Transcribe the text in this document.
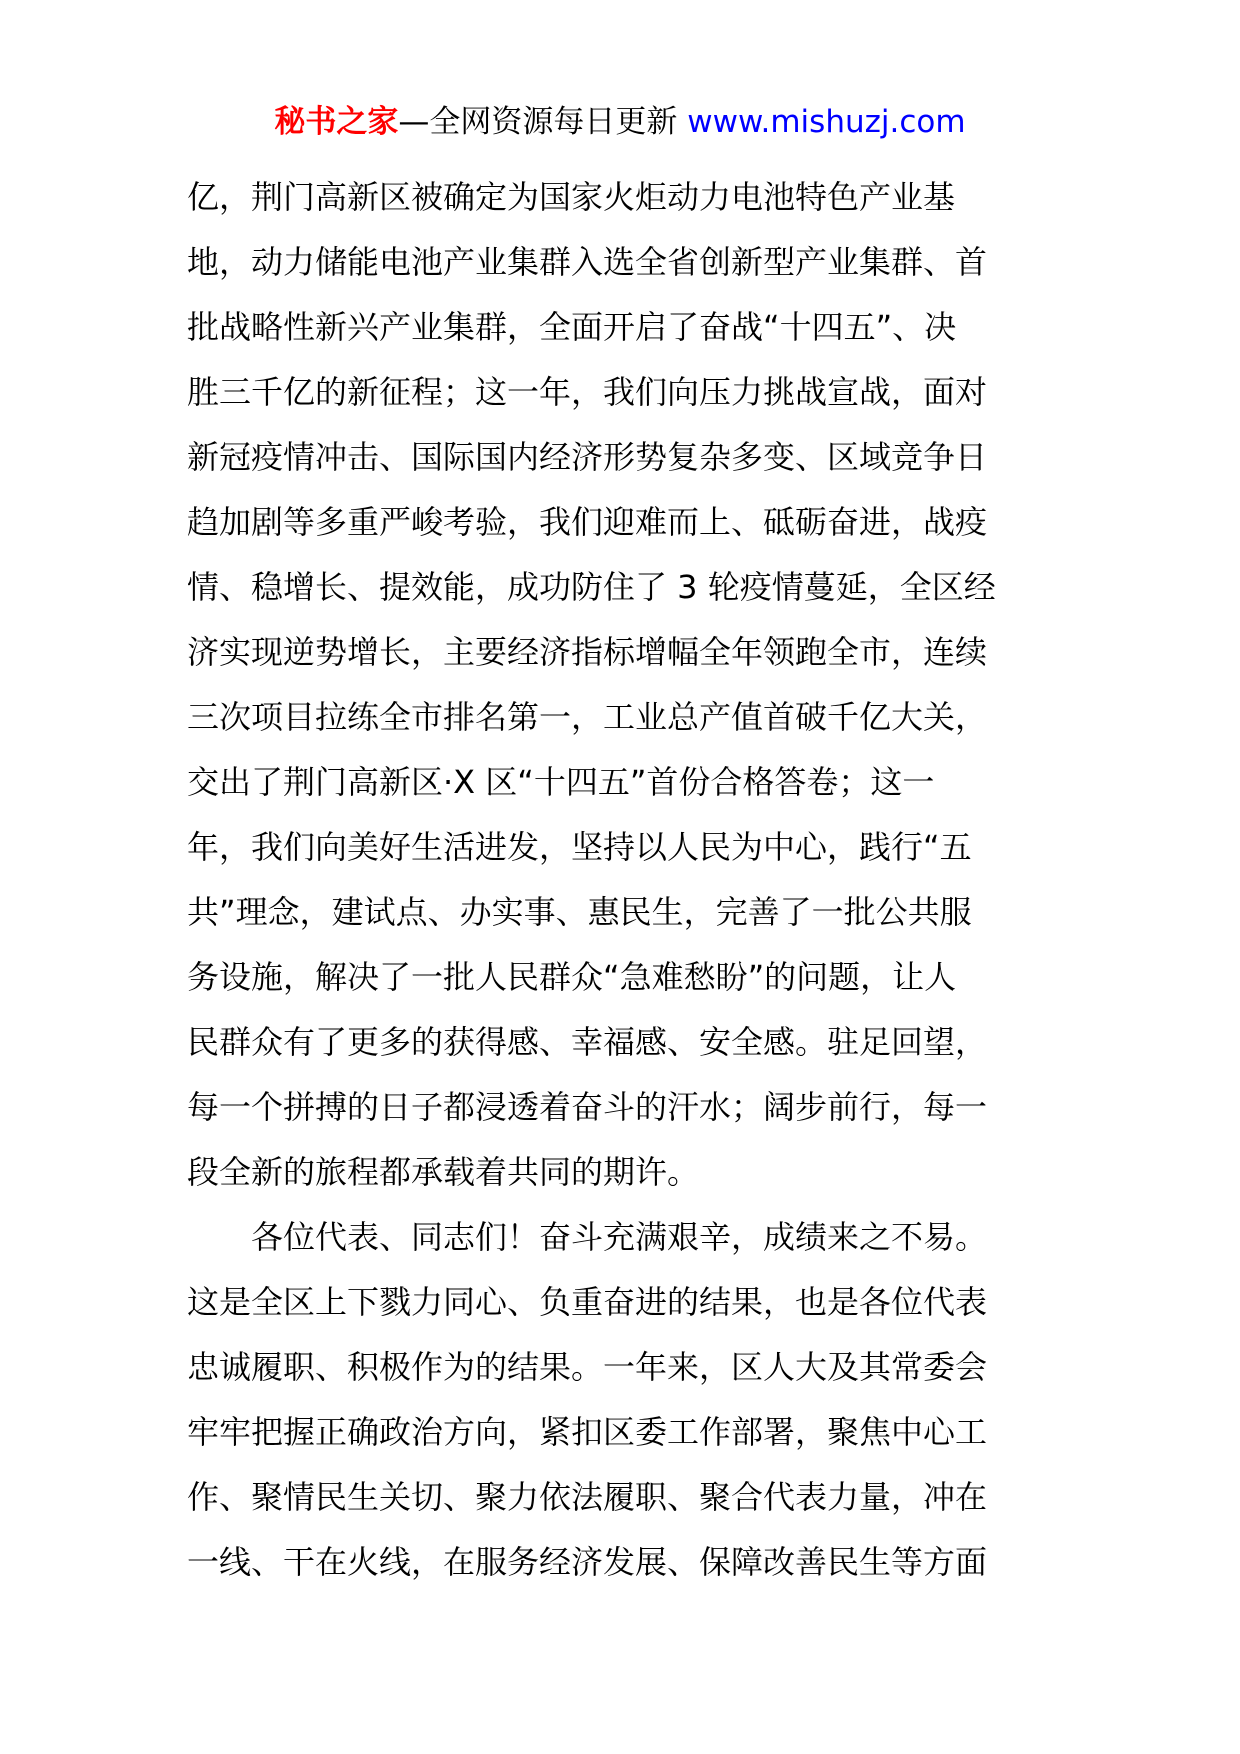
秘书之家—全网资源每日更新 www.mishuzj.com
亿，荆门高新区被确定为国家火炬动力电池特色产业基
地，动力储能电池产业集群入选全省创新型产业集群、首
批战略性新兴产业集群，全面开启了奋战“十四五”、决
胜三千亿的新征程；这一年，我们向压力挑战宣战，面对
新冠疫情冲击、国际国内经济形势复杂多变、区域竞争日
趋加剧等多重严峻考验，我们迎难而上、砥砺奋进，战疫
情、稳增长、提效能，成功防住了 3 轮疫情蔓延，全区经
济实现逆势增长，主要经济指标增幅全年领跑全市，连续
三次项目拉练全市排名第一，工业总产值首破千亿大关，
交出了荆门高新区·X 区“十四五”首份合格答卷；这一
年，我们向美好生活进发，坚持以人民为中心，践行“五
共”理念，建试点、办实事、惠民生，完善了一批公共服
务设施，解决了一批人民群众“急难愁盼”的问题，让人
民群众有了更多的获得感、幸福感、安全感。驻足回望，
每一个拼搏的日子都浸透着奋斗的汗水；阔步前行，每一
段全新的旅程都承载着共同的期许。
各位代表、同志们！奋斗充满艰辛，成绩来之不易。
这是全区上下戮力同心、负重奋进的结果，也是各位代表
忠诚履职、积极作为的结果。一年来，区人大及其常委会
牢牢把握正确政治方向，紧扣区委工作部署，聚焦中心工
作、聚情民生关切、聚力依法履职、聚合代表力量，冲在
一线、干在火线，在服务经济发展、保障改善民生等方面
